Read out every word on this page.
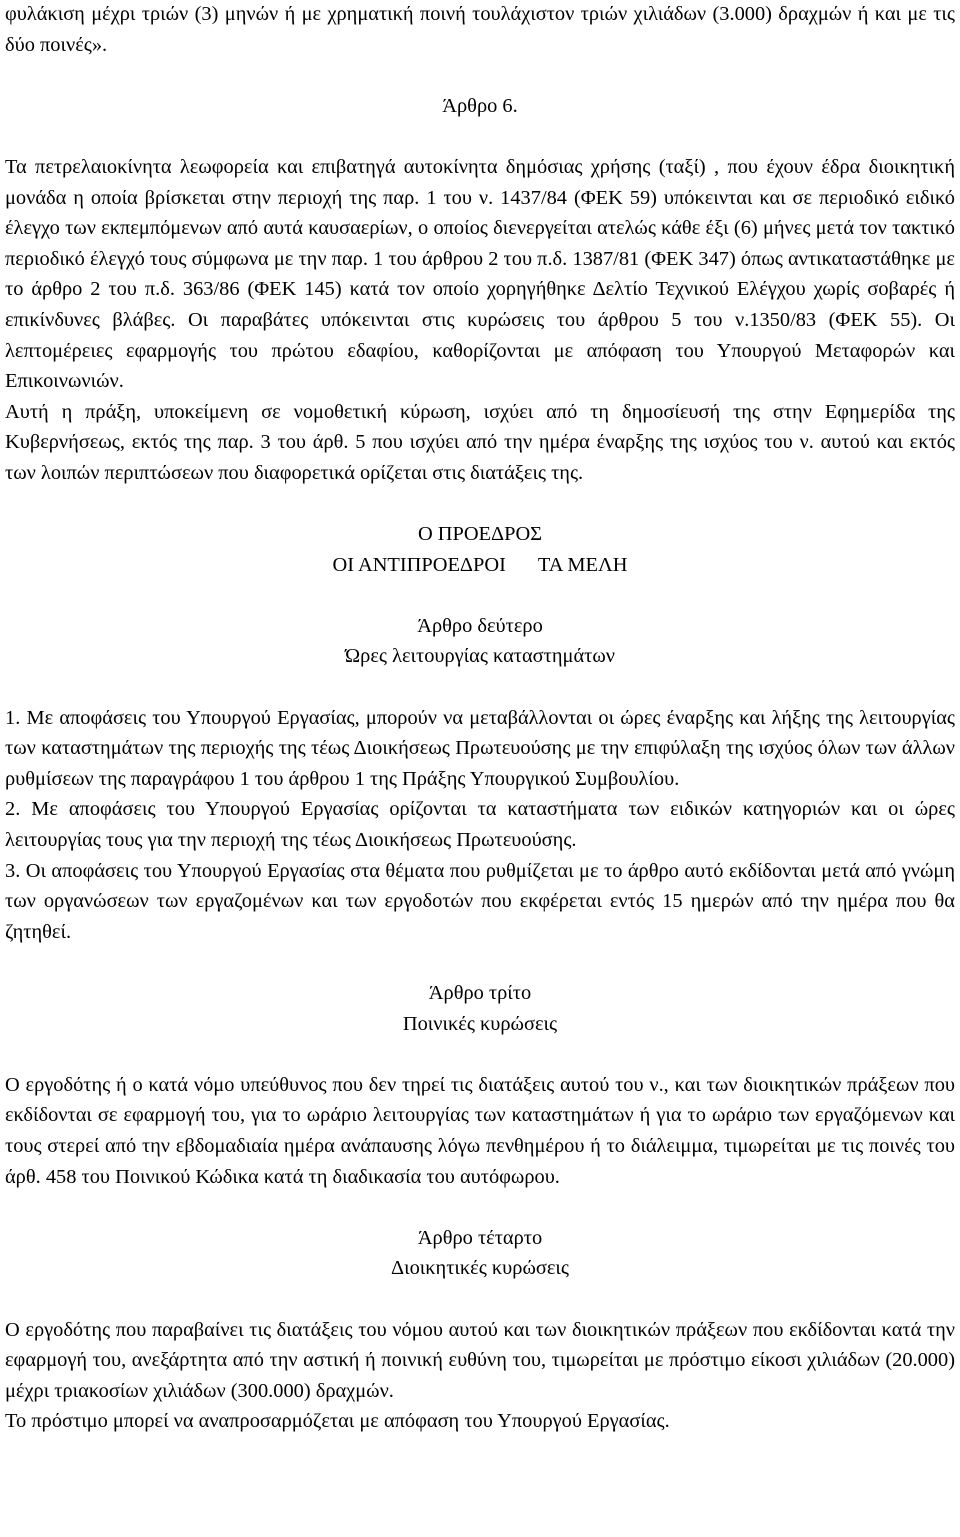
φυλάκιση μέχρι τριών (3) μηνών ή με χρηματική ποινή τουλάχιστον τριών χιλιάδων (3.000) δραχμών ή και με τις δύο ποινές».

Άρθρο 6.

Τα πετρελαιοκίνητα λεωφορεία και επιβατηγά αυτοκίνητα δημόσιας χρήσης (ταξί) , που έχουν έδρα διοικητική μονάδα η οποία βρίσκεται στην περιοχή της παρ. 1 του ν. 1437/84 (ΦΕΚ 59) υπόκεινται και σε περιοδικό ειδικό έλεγχο των εκπεμπόμενων από αυτά καυσαερίων, ο οποίος διενεργείται ατελώς κάθε έξι (6) μήνες μετά τον τακτικό περιοδικό έλεγχό τους σύμφωνα με την παρ. 1 του άρθρου 2 του π.δ. 1387/81 (ΦΕΚ 347) όπως αντικαταστάθηκε με το άρθρο 2 του π.δ. 363/86 (ΦΕΚ 145) κατά τον οποίο χορηγήθηκε Δελτίο Τεχνικού Ελέγχου χωρίς σοβαρές ή επικίνδυνες βλάβες. Οι παραβάτες υπόκεινται στις κυρώσεις του άρθρου 5 του ν.1350/83 (ΦΕΚ 55). Οι λεπτομέρειες εφαρμογής του πρώτου εδαφίου, καθορίζονται με απόφαση του Υπουργού Μεταφορών και Επικοινωνιών.

Αυτή η πράξη, υποκείμενη σε νομοθετική κύρωση, ισχύει από τη δημοσίευσή της στην Εφημερίδα της Κυβερνήσεως, εκτός της παρ. 3 του άρθ. 5 που ισχύει από την ημέρα έναρξης της ισχύος του ν. αυτού και εκτός των λοιπών περιπτώσεων που διαφορετικά ορίζεται στις διατάξεις της.

Ο ΠΡΟΕΔΡΟΣ

ΟΙ ΑΝΤΙΠΡΟΕΔΡΟΙ ΤΑ ΜΕΛΗ

Άρθρο δεύτερο

Ώρες λειτουργίας καταστημάτων

1. Με αποφάσεις του Υπουργού Εργασίας, μπορούν να μεταβάλλονται οι ώρες έναρξης και λήξης της λειτουργίας των καταστημάτων της περιοχής της τέως Διοικήσεως Πρωτευούσης με την επιφύλαξη της ισχύος όλων των άλλων ρυθμίσεων της παραγράφου 1 του άρθρου 1 της Πράξης Υπουργικού Συμβουλίου.

2. Με αποφάσεις του Υπουργού Εργασίας ορίζονται τα καταστήματα των ειδικών κατηγοριών και οι ώρες λειτουργίας τους για την περιοχή της τέως Διοικήσεως Πρωτευούσης.

3. Οι αποφάσεις του Υπουργού Εργασίας στα θέματα που ρυθμίζεται με το άρθρο αυτό εκδίδονται μετά από γνώμη των οργανώσεων των εργαζομένων και των εργοδοτών που εκφέρεται εντός 15 ημερών από την ημέρα που θα ζητηθεί.

Άρθρο τρίτο

Ποινικές κυρώσεις

Ο εργοδότης ή ο κατά νόμο υπεύθυνος που δεν τηρεί τις διατάξεις αυτού του ν., και των διοικητικών πράξεων που εκδίδονται σε εφαρμογή του, για το ωράριο λειτουργίας των καταστημάτων ή για το ωράριο των εργαζόμενων και τους στερεί από την εβδομαδιαία ημέρα ανάπαυσης λόγω πενθημέρου ή το διάλειμμα, τιμωρείται με τις ποινές του άρθ. 458 του Ποινικού Κώδικα κατά τη διαδικασία του αυτόφωρου.

Άρθρο τέταρτο

Διοικητικές κυρώσεις

Ο εργοδότης που παραβαίνει τις διατάξεις του νόμου αυτού και των διοικητικών πράξεων που εκδίδονται κατά την εφαρμογή του, ανεξάρτητα από την αστική ή ποινική ευθύνη του, τιμωρείται με πρόστιμο είκοσι χιλιάδων (20.000) μέχρι τριακοσίων χιλιάδων (300.000) δραχμών.

Το πρόστιμο μπορεί να αναπροσαρμόζεται με απόφαση του Υπουργού Εργασίας.
